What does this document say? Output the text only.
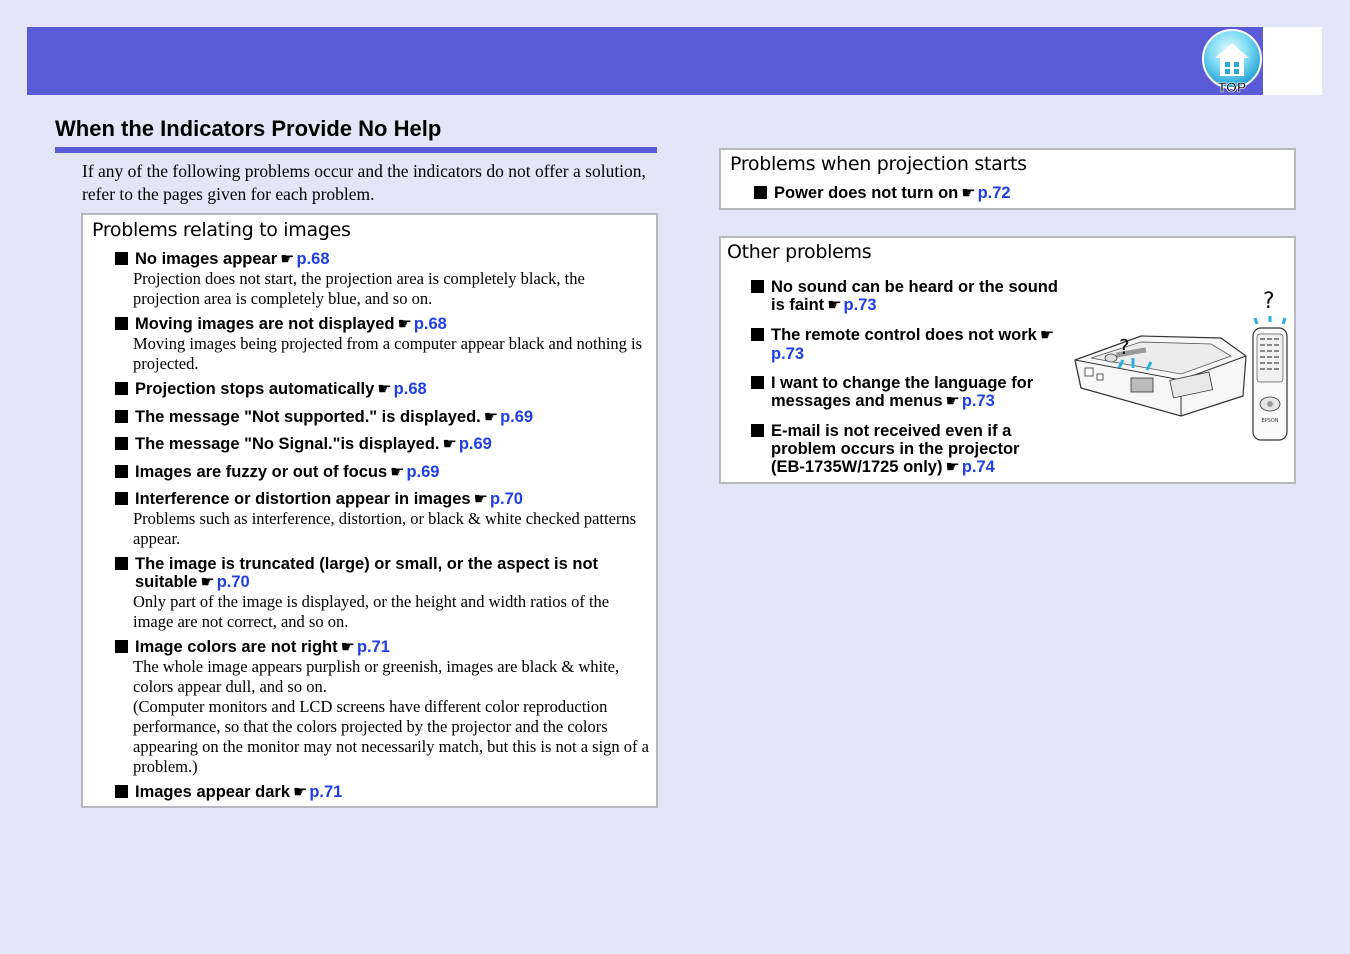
TOP
When the Indicators Provide No Help
If any of the following problems occur and the indicators do not offer a solution, refer to the pages given for each problem.
Problems relating to images
No images appear ☛ p.68
Projection does not start, the projection area is completely black, the projection area is completely blue, and so on.
Moving images are not displayed ☛ p.68
Moving images being projected from a computer appear black and nothing is projected.
Projection stops automatically ☛ p.68
The message "Not supported." is displayed. ☛ p.69
The message "No Signal."is displayed. ☛ p.69
Images are fuzzy or out of focus ☛ p.69
Interference or distortion appear in images ☛ p.70
Problems such as interference, distortion, or black & white checked patterns appear.
The image is truncated (large) or small, or the aspect is not suitable ☛ p.70
Only part of the image is displayed, or the height and width ratios of the image are not correct, and so on.
Image colors are not right ☛ p.71
The whole image appears purplish or greenish, images are black & white, colors appear dull, and so on.
(Computer monitors and LCD screens have different color reproduction performance, so that the colors projected by the projector and the colors appearing on the monitor may not necessarily match, but this is not a sign of a problem.)
Images appear dark ☛ p.71
Problems when projection starts
Power does not turn on ☛ p.72
Other problems
No sound can be heard or the sound is faint ☛ p.73
The remote control does not work ☛p.73
I want to change the language for messages and menus ☛ p.73
E-mail is not received even if a problem occurs in the projector (EB-1735W/1725 only) ☛ p.74
?
EPSON
?
